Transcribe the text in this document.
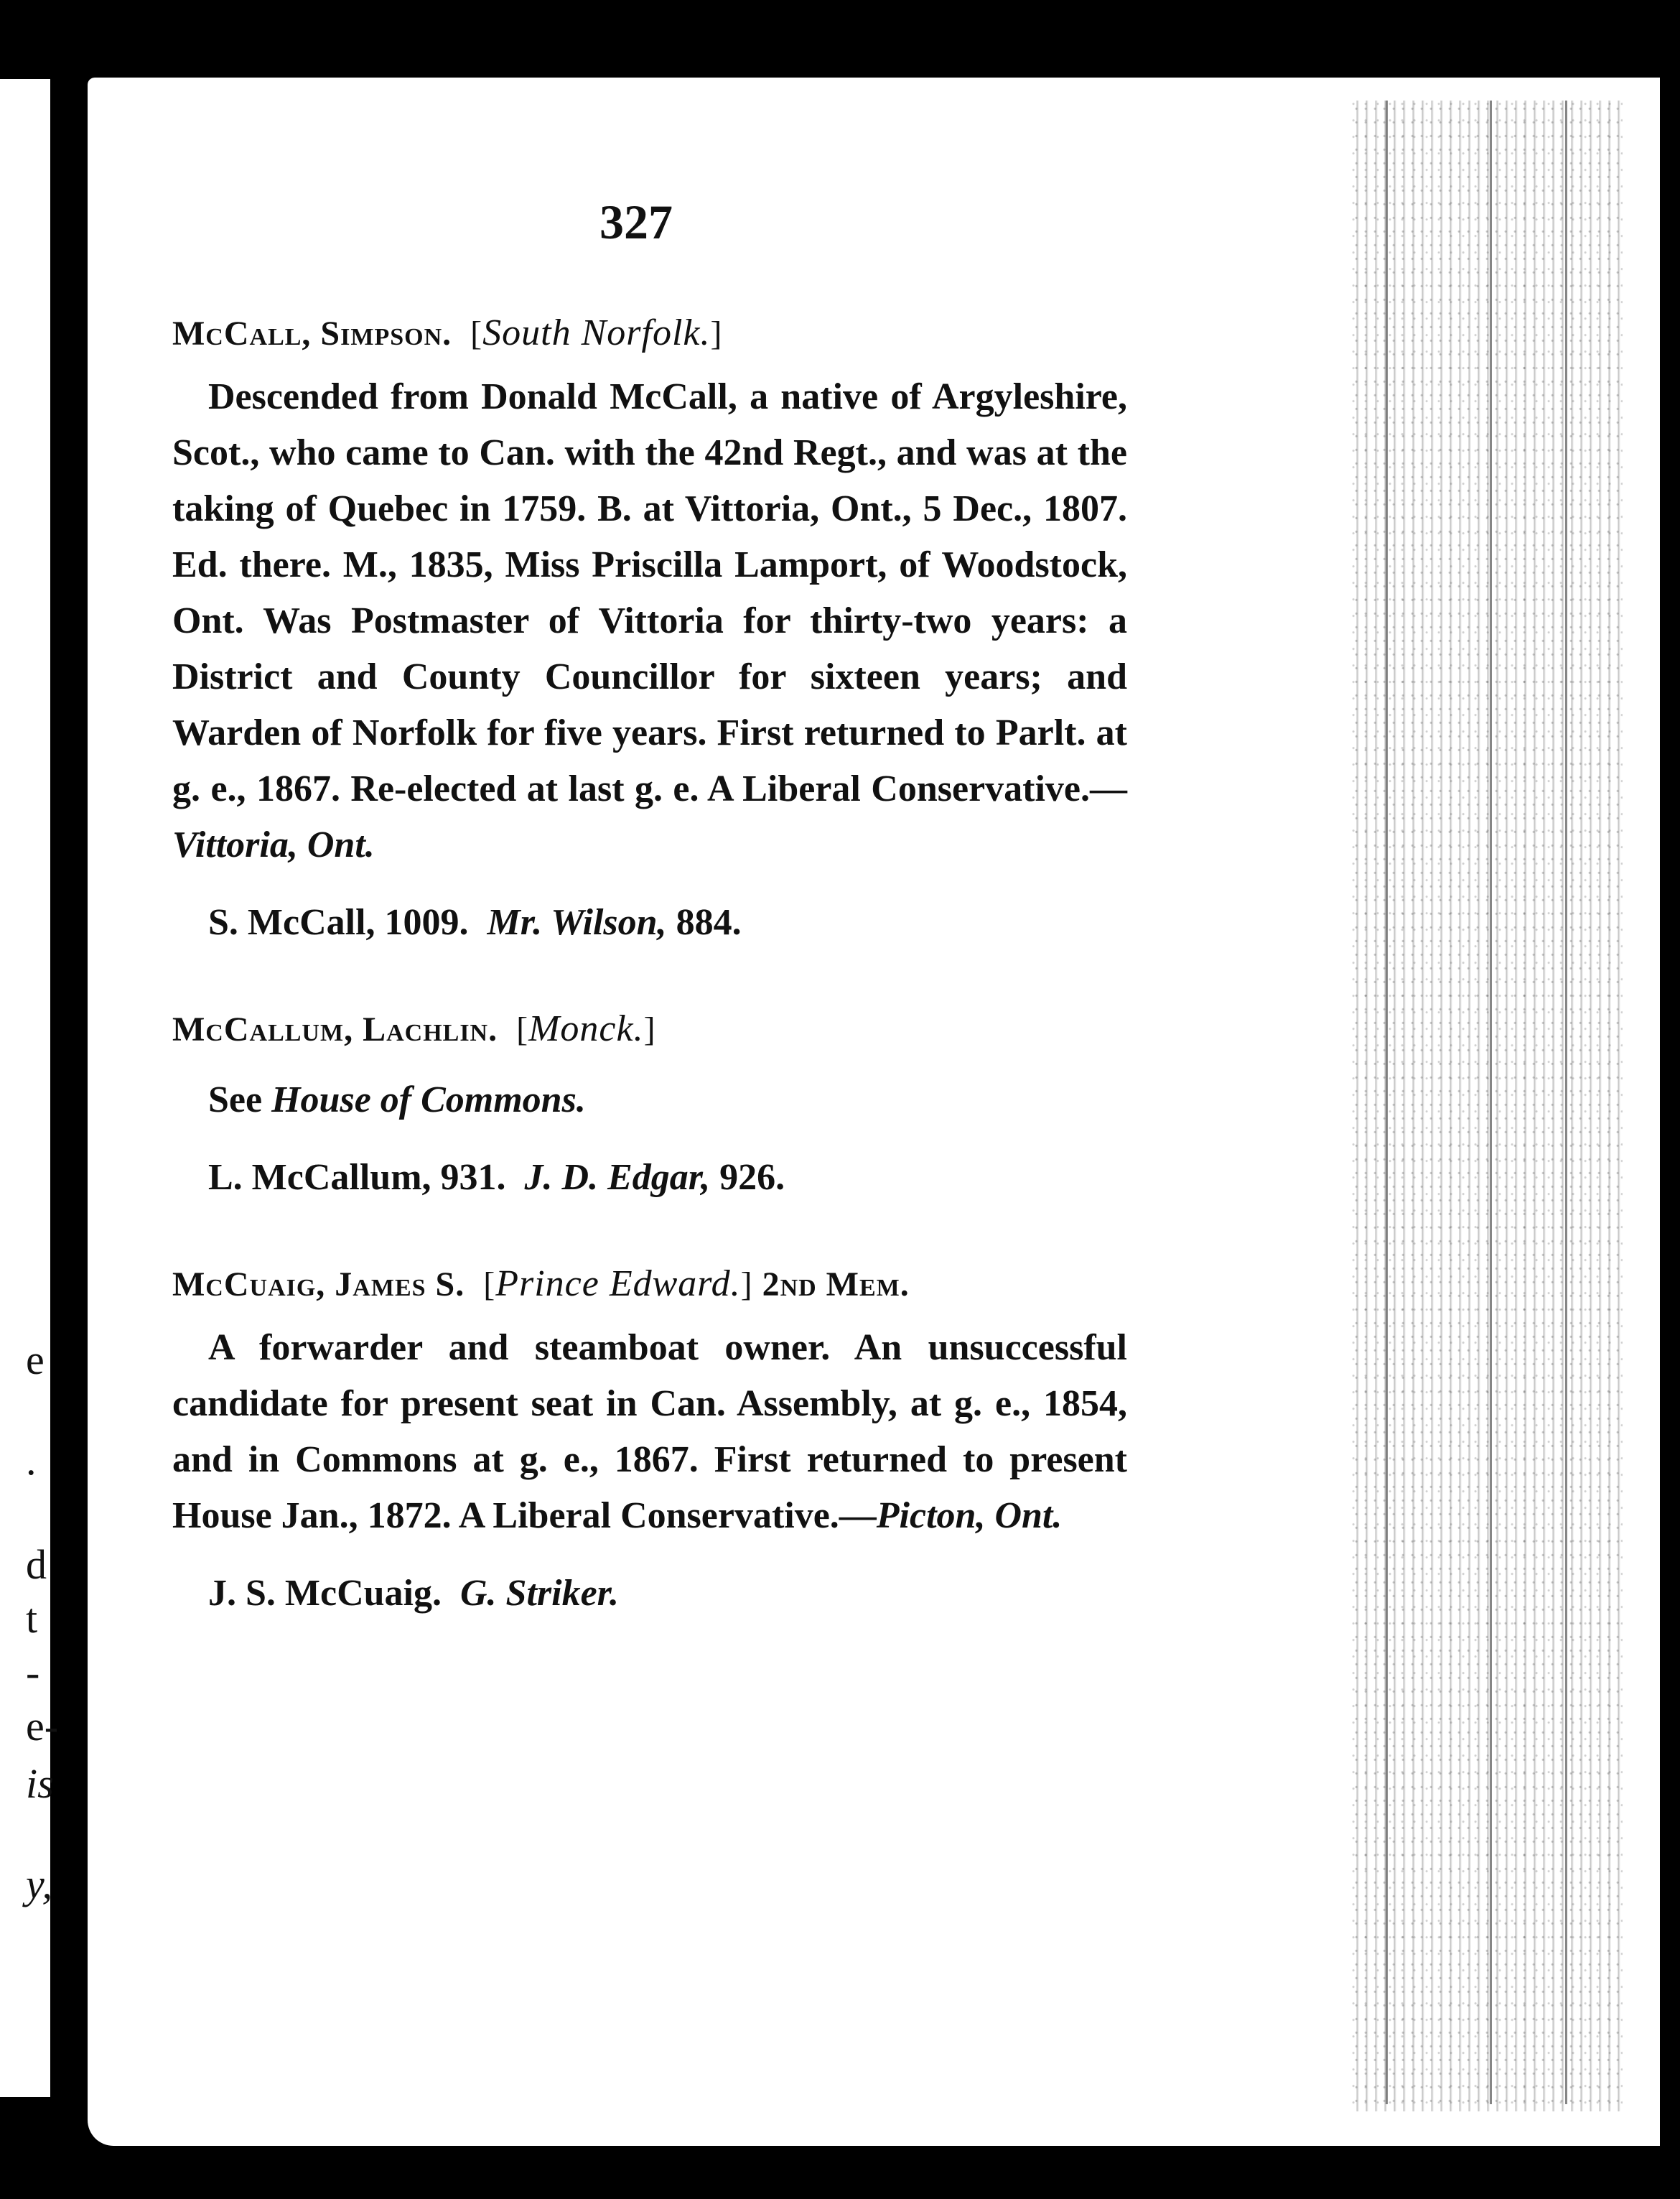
e
.
d
t
-
e-
is
y,
327
McCall, Simpson.  [South Norfolk.]

Descended from Donald McCall, a native of Argyleshire, Scot., who came to Can. with the 42nd Regt., and was at the taking of Quebec in 1759. B. at Vittoria, Ont., 5 Dec., 1807. Ed. there. M., 1835, Miss Priscilla Lamport, of Woodstock, Ont. Was Postmaster of Vittoria for thirty-two years: a District and County Councillor for sixteen years; and Warden of Norfolk for five years. First returned to Parlt. at g. e., 1867. Re-elected at last g. e. A Liberal Conservative.—Vittoria, Ont.

S. McCall, 1009. Mr. Wilson, 884.
McCallum, Lachlin.  [Monck.]
See House of Commons.
L. McCallum, 931. J. D. Edgar, 926.
McCuaig, James S.  [Prince Edward.] 2nd Mem.

A forwarder and steamboat owner. An unsuccessful candidate for present seat in Can. Assembly, at g. e., 1854, and in Commons at g. e., 1867. First returned to present House Jan., 1872. A Liberal Conservative.—Picton, Ont.

J. S. McCuaig. G. Striker.
